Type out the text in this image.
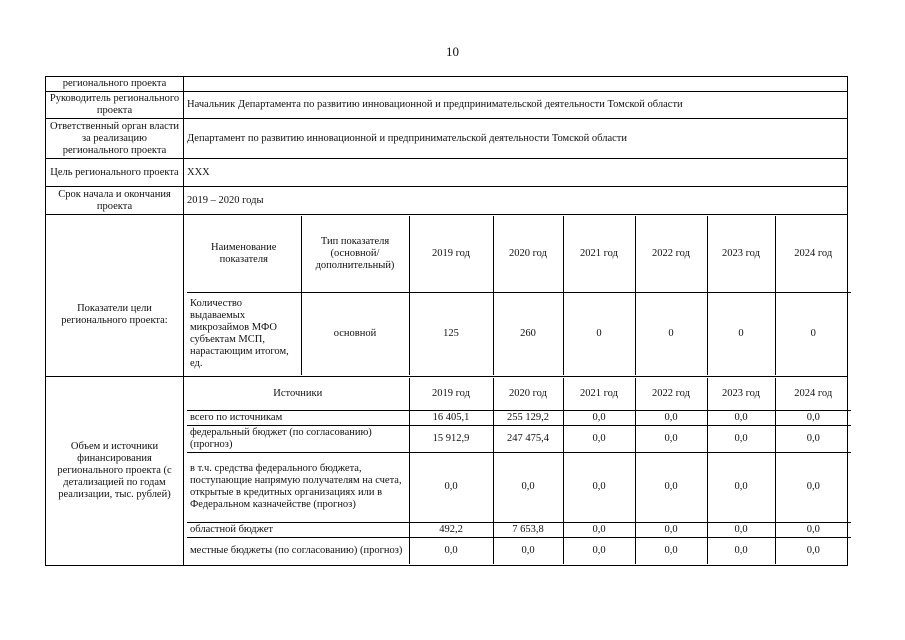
10
регионального проекта	
Руководитель регионального проекта	Начальник Департамента по развитию инновационной и предпринимательской деятельности Томской области
Ответственный орган власти за реализацию регионального проекта	Департамент по развитию инновационной и предпринимательской деятельности Томской области
Цель регионального проекта	ХХХ
Срок начала и окончания проекта	2019 – 2020 годы
Показатели цели регионального проекта:	
Наименование показателя	Тип показателя (основной/ дополнительный)	2019 год	2020 год	2021 год	2022 год	2023 год	2024 год
Количество выдаваемых микрозаймов МФО субъектам МСП, нарастающим итогом, ед.	основной	125	260	0	0	0	0

Объем и источники финансирования регионального проекта (с детализацией по годам реализации, тыс. рублей)	
Источники	2019 год	2020 год	2021 год	2022 год	2023 год	2024 год
всего по источникам	16 405,1	255 129,2	0,0	0,0	0,0	0,0
федеральный бюджет (по согласованию) (прогноз)	15 912,9	247 475,4	0,0	0,0	0,0	0,0
в т.ч. средства федерального бюджета, поступающие напрямую получателям на счета, открытые в кредитных организациях или в Федеральном казначействе (прогноз)	0,0	0,0	0,0	0,0	0,0	0,0
областной бюджет	492,2	7 653,8	0,0	0,0	0,0	0,0
местные бюджеты (по согласованию) (прогноз)	0,0	0,0	0,0	0,0	0,0	0,0
